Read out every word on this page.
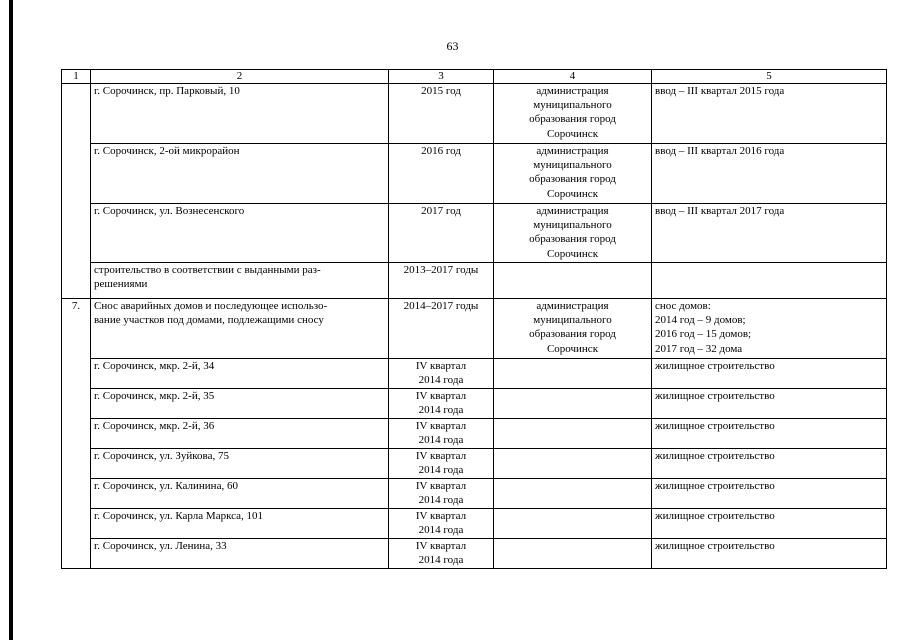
63
1	2	3	4	5
	г. Сорочинск, пр. Парковый, 10	2015 год	администрация
муниципального
образования город
Сорочинск	ввод – III квартал 2015 года
	г. Сорочинск, 2-ой микрорайон	2016 год	администрация
муниципального
образования город
Сорочинск	ввод – III квартал 2016 года
	г. Сорочинск, ул. Вознесенского	2017 год	администрация
муниципального
образования город
Сорочинск	ввод – III квартал 2017 года
	строительство в соответствии с выданными раз-
решениями	2013–2017 годы		
7.	Снос аварийных домов и последующее использо-
вание участков под домами, подлежащими сносу	2014–2017 годы	администрация
муниципального
образования город
Сорочинск	снос домов:
2014 год – 9 домов;
2016 год – 15 домов;
2017 год – 32 дома
	г. Сорочинск, мкр. 2-й, 34	IV квартал
2014 года		жилищное строительство
	г. Сорочинск, мкр. 2-й, 35	IV квартал
2014 года		жилищное строительство
	г. Сорочинск, мкр. 2-й, 36	IV квартал
2014 года		жилищное строительство
	г. Сорочинск, ул. Зуйкова, 75	IV квартал
2014 года		жилищное строительство
	г. Сорочинск, ул. Калинина, 60	IV квартал
2014 года		жилищное строительство
	г. Сорочинск, ул. Карла Маркса, 101	IV квартал
2014 года		жилищное строительство
	г. Сорочинск, ул. Ленина, 33	IV квартал
2014 года		жилищное строительство
